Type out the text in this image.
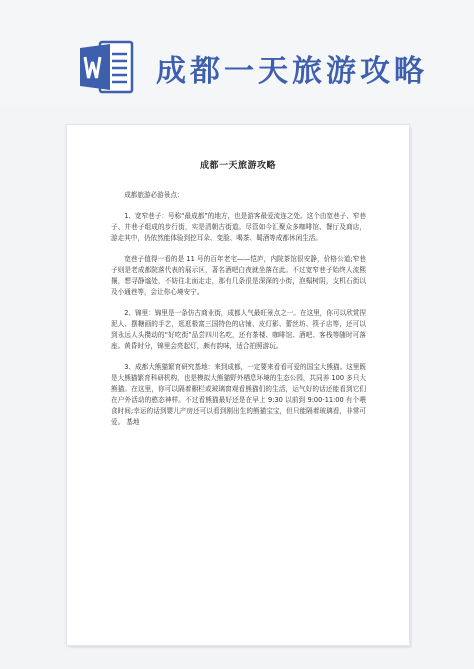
成都一天旅游攻略
成都一天旅游攻略

成都旅游必游景点：

1、宽窄巷子：号称“最成都”的地方，也是游客最爱流连之处。这个由宽巷子、窄巷子、井巷子组成的步行街，实是清朝古街道。尽管如今汇聚众多咖啡馆、餐厅及商店，游走其中，仍依然能体验到挖耳朵、变脸、喝茶、蜀酒等成都休闲生活。

宽巷子值得一看的是 11 号的百年老宅——恺庐，内院茶馆很安静，价格公道;窄巷子则是老成都院落代表的展示区，著名酒吧白夜就坐落在此。不过宽窄巷子始终人流熙攘，想寻静谧处，不妨往北面走走，那有几条很是深深的小街，泡榻树阴，支机石街以及小通巷等，会让你心境安宁。

2、锦里：锦里是一条仿古商业街，成都人气最旺景点之一。在这里，你可以欣赏捏泥人、摆糖画的手艺，逛逛极富三国特色的店铺、皮灯影、蕾丝坊、筷子店等，还可以到永远人头攒动的“好吃街”品尝四川名吃，还有茶楼、咖啡馆、酒吧、客栈等随时可落座。黄昏时分，锦里会亮起灯，颇有韵味，适合拍照游玩。

3、成都大熊猫繁育研究基地：来到成都，一定要来看看可爱的国宝大熊猫。这里既是大熊猫繁育科研机构，也是模拟大熊猫野外栖息环境的生态公园，共同养 100 多只大熊猫。在这里，你可以隔着橱栏或玻璃窗观看熊猫们的生活，运气好的话还能看到它们在户外活动的憨态神样。不过看熊猫最好还是在早上 9:30 以前到 9:00-11:00 有个喂食时间;幸运的话到婴儿产房还可以看到刚出生的熊猫宝宝，但只能隔着玻璃看，非常可爱。 基地
